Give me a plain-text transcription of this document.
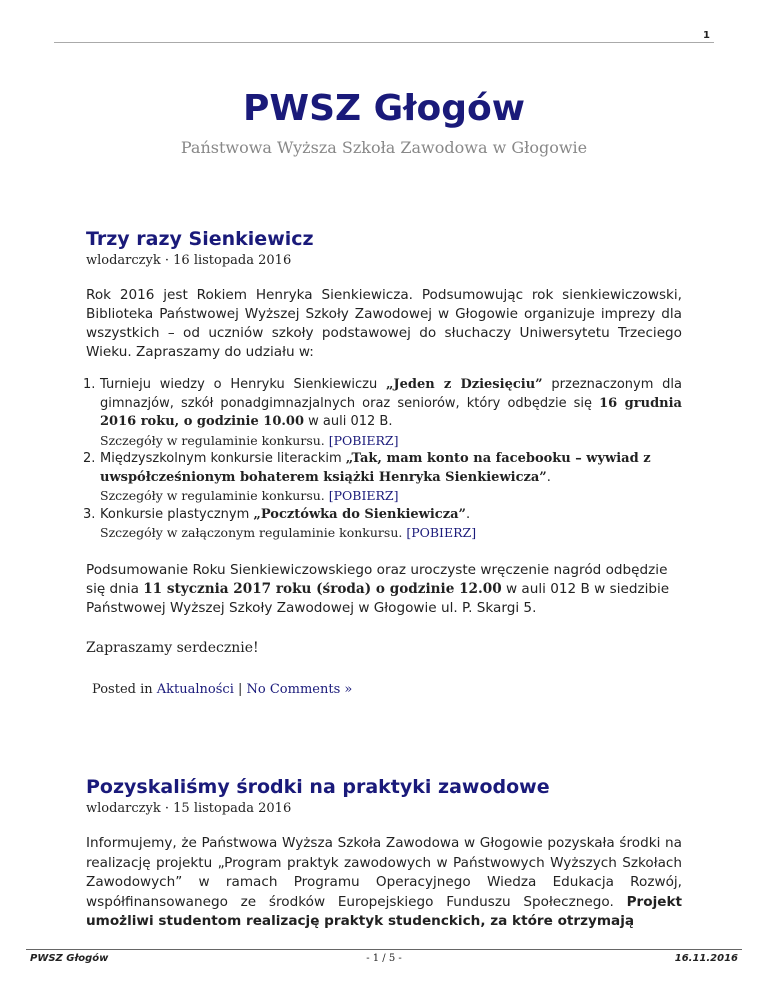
1
PWSZ Głogów
Państwowa Wyższa Szkoła Zawodowa w Głogowie
Trzy razy Sienkiewicz
wlodarczyk · 16 listopada 2016

Rok 2016 jest Rokiem Henryka Sienkiewicza. Podsumowując rok sienkiewiczowski, Biblioteka Państwowej Wyższej Szkoły Zawodowej w Głogowie organizuje imprezy dla wszystkich – od uczniów szkoły podstawowej do słuchaczy Uniwersytetu Trzeciego Wieku. Zapraszamy do udziału w:

1. Turnieju wiedzy o Henryku Sienkiewiczu „Jeden z Dziesięciu” przeznaczonym dla gimnazjów, szkół ponadgimnazjalnych oraz seniorów, który odbędzie się 16 grudnia 2016 roku, o godzinie 10.00 w auli 012 B.
Szczegóły w regulaminie konkursu. [POBIERZ]
2. Międzyszkolnym konkursie literackim „Tak, mam konto na facebooku – wywiad z uwspółcześnionym bohaterem książki Henryka Sienkiewicza”.
Szczegóły w regulaminie konkursu. [POBIERZ]
3. Konkursie plastycznym „Pocztówka do Sienkiewicza”.
Szczegóły w załączonym regulaminie konkursu. [POBIERZ]

Podsumowanie Roku Sienkiewiczowskiego oraz uroczyste wręczenie nagród odbędzie się dnia 11 stycznia 2017 roku (środa) o godzinie 12.00 w auli 012 B w siedzibie Państwowej Wyższej Szkoły Zawodowej w Głogowie ul. P. Skargi 5.

Zapraszamy serdecznie!

Posted in Aktualności | No Comments »

Pozyskaliśmy środki na praktyki zawodowe
wlodarczyk · 15 listopada 2016

Informujemy, że Państwowa Wyższa Szkoła Zawodowa w Głogowie pozyskała środki na realizację projektu „Program praktyk zawodowych w Państwowych Wyższych Szkołach Zawodowych” w ramach Programu Operacyjnego Wiedza Edukacja Rozwój, współfinansowanego ze środków Europejskiego Funduszu Społecznego. Projekt umożliwi studentom realizację praktyk studenckich, za które otrzymają

PWSZ Głogów	- 1 / 5 -	16.11.2016
